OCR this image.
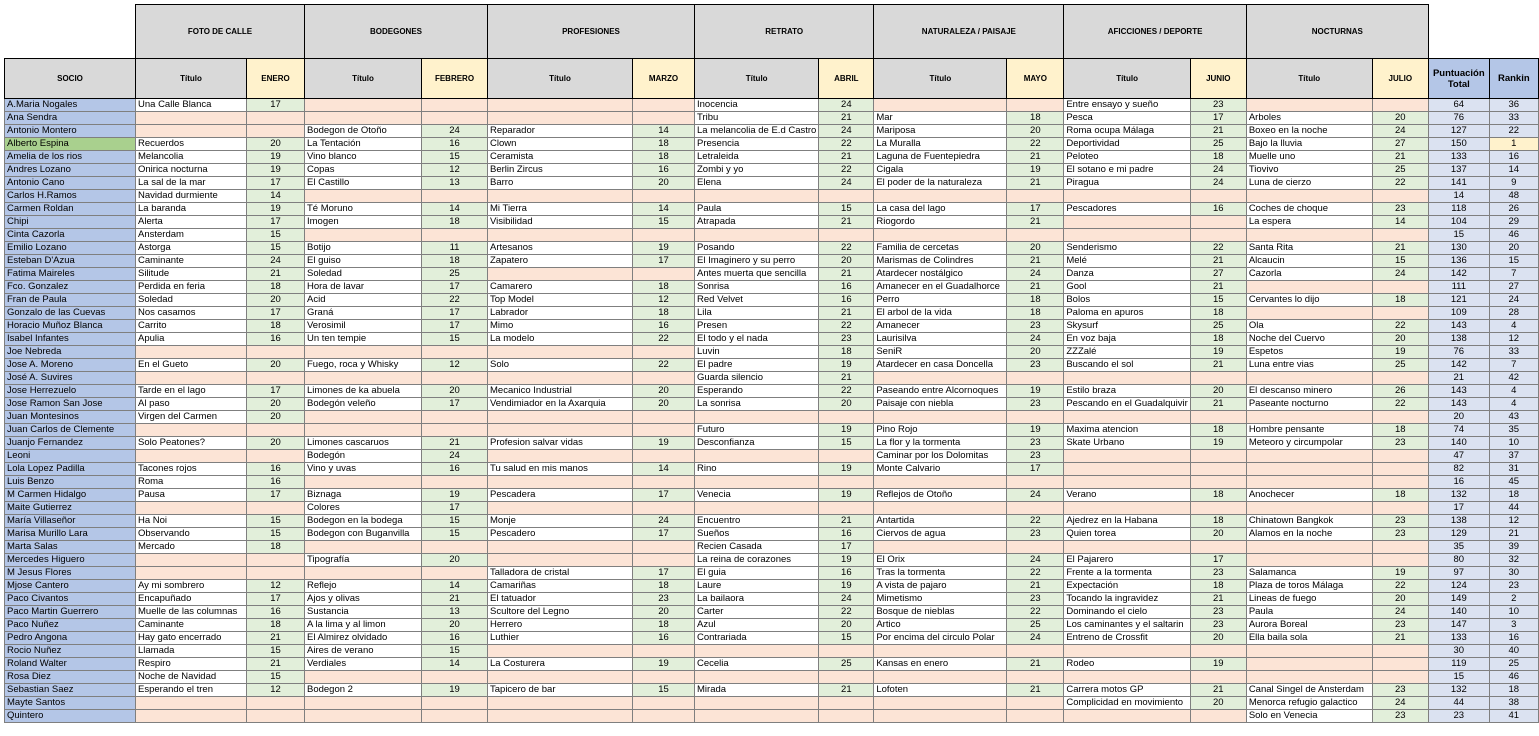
	FOTO DE CALLE		BODEGONES		PROFESIONES		RETRATO		NATURALEZA / PAISAJE		AFICCIONES / DEPORTE		NOCTURNAS			
SOCIO	Título	ENERO	Título	FEBRERO	Título	MARZO	Título	ABRIL	Título	MAYO	Título	JUNIO	Título	JULIO	Puntuación Total	Rankin
A.Maria Nogales	Una Calle Blanca	17					Inocencia	24			Entre ensayo y sueño	23			64	36
Ana Sendra							Tribu	21	Mar	18	Pesca	17	Arboles	20	76	33
Antonio Montero			Bodegon de Otoño	24	Reparador	14	La melancolia de E.d Castro	24	Mariposa	20	Roma ocupa Málaga	21	Boxeo en la noche	24	127	22
Alberto Espina	Recuerdos	20	La Tentación	16	Clown	18	Presencia	22	La Muralla	22	Deportividad	25	Bajo la lluvia	27	150	1
Amelia de los rios	Melancolia	19	Vino blanco	15	Ceramista	18	Letraleida	21	Laguna de Fuentepiedra	21	Peloteo	18	Muelle uno	21	133	16
Andres Lozano	Onirica nocturna	19	Copas	12	Berlin Zircus	16	Zombi y yo	22	Cigala	19	El sotano e mi padre	24	Tiovivo	25	137	14
Antonio Cano	La sal de la mar	17	El Castillo	13	Barro	20	Elena	24	El poder de la naturaleza	21	Piragua	24	Luna de cierzo	22	141	9
Carlos H.Ramos	Navidad durmiente	14													14	48
Carmen Roldan	La baranda	19	Té Moruno	14	Mi Tierra	14	Paula	15	La casa del lago	17	Pescadores	16	Coches de choque	23	118	26
Chipi	Alerta	17	Imogen	18	Visibilidad	15	Atrapada	21	Riogordo	21			La espera	14	104	29
Cinta Cazorla	Ansterdam	15													15	46
Emilio Lozano	Astorga	15	Botijo	11	Artesanos	19	Posando	22	Familia de cercetas	20	Senderismo	22	Santa Rita	21	130	20
Esteban D'Azua	Caminante	24	El guiso	18	Zapatero	17	El Imaginero y su perro	20	Marismas de Colindres	21	Melé	21	Alcaucin	15	136	15
Fatima Maireles	Silitude	21	Soledad	25			Antes muerta que sencilla	21	Atardecer nostálgico	24	Danza	27	Cazorla	24	142	7
Fco. Gonzalez	Perdida en feria	18	Hora de lavar	17	Camarero	18	Sonrisa	16	Amanecer en el Guadalhorce	21	Gool	21			111	27
Fran de Paula	Soledad	20	Acid	22	Top Model	12	Red Velvet	16	Perro	18	Bolos	15	Cervantes lo dijo	18	121	24
Gonzalo de las Cuevas	Nos casamos	17	Graná	17	Labrador	18	Lila	21	El arbol de la vida	18	Paloma en apuros	18			109	28
Horacio Muñoz Blanca	Carrito	18	Verosimil	17	Mimo	16	Presen	22	Amanecer	23	Skysurf	25	Ola	22	143	4
Isabel Infantes	Apulia	16	Un ten tempie	15	La modelo	22	El todo y el nada	23	Laurisilva	24	En voz baja	18	Noche del Cuervo	20	138	12
Joe Nebreda							Luvin	18	SeniR	20	ZZZalé	19	Espetos	19	76	33
Jose A. Moreno	En el Gueto	20	Fuego, roca y Whisky	12	Solo	22	El padre	19	Atardecer en casa Doncella	23	Buscando el sol	21	Luna entre vias	25	142	7
José A. Suvires							Guarda silencio	21							21	42
Jose Herrezuelo	Tarde en el lago	17	Limones de ka abuela	20	Mecanico Industrial	20	Esperando	22	Paseando entre Alcornoques	19	Estilo braza	20	El descanso minero	26	143	4
Jose Ramon San Jose	Al paso	20	Bodegón veleño	17	Vendimiador en la Axarquia	20	La sonrisa	20	Paisaje con niebla	23	Pescando en el Guadalquivir	21	Paseante nocturno	22	143	4
Juan Montesinos	Virgen del Carmen	20													20	43
Juan Carlos de Clemente							Futuro	19	Pino Rojo	19	Maxima atencion	18	Hombre pensante	18	74	35
Juanjo Fernandez	Solo Peatones?	20	Limones cascaruos	21	Profesion salvar vidas	19	Desconfianza	15	La flor y la tormenta	23	Skate Urbano	19	Meteoro y circumpolar	23	140	10
Leoni			Bodegón	24					Caminar por los Dolomitas	23					47	37
Lola Lopez Padilla	Tacones rojos	16	Vino y uvas	16	Tu salud en mis manos	14	Rino	19	Monte Calvario	17					82	31
Luis Benzo	Roma	16													16	45
M Carmen Hidalgo	Pausa	17	Biznaga	19	Pescadera	17	Venecia	19	Reflejos de Otoño	24	Verano	18	Anochecer	18	132	18
Maite Gutierrez			Colores	17											17	44
María Villaseñor	Ha Noi	15	Bodegon en la bodega	15	Monje	24	Encuentro	21	Antartida	22	Ajedrez en la Habana	18	Chinatown Bangkok	23	138	12
Marisa Murillo Lara	Observando	15	Bodegon con Buganvilla	15	Pescadero	17	Sueños	16	Ciervos de agua	23	Quien torea	20	Alamos en la noche	23	129	21
Marta Salas	Mercado	18					Recien Casada	17							35	39
Mercedes Higuero			Tipografía	20			La reina de corazones	19	El Orix	24	El Pajarero	17			80	32
M Jesus Flores					Talladora de cristal	17	El guia	16	Tras la tormenta	22	Frente a la tormenta	23	Salamanca	19	97	30
Mjose Cantero	Ay mi sombrero	12	Reflejo	14	Camariñas	18	Laure	19	A vista de pajaro	21	Expectación	18	Plaza de toros Málaga	22	124	23
Paco Civantos	Encapuñado	17	Ajos y olivas	21	El tatuador	23	La bailaora	24	Mimetismo	23	Tocando la ingravidez	21	Lineas de fuego	20	149	2
Paco Martin Guerrero	Muelle de las columnas	16	Sustancia	13	Scultore del Legno	20	Carter	22	Bosque de nieblas	22	Dominando el cielo	23	Paula	24	140	10
Paco Nuñez	Caminante	18	A la lima y al limon	20	Herrero	18	Azul	20	Artico	25	Los caminantes y el saltarin	23	Aurora Boreal	23	147	3
Pedro Angona	Hay gato encerrado	21	El Almirez olvidado	16	Luthier	16	Contrariada	15	Por encima del circulo Polar	24	Entreno de Crossfit	20	Ella baila sola	21	133	16
Rocio Nuñez	Llamada	15	Aires de verano	15											30	40
Roland Walter	Respiro	21	Verdiales	14	La Costurera	19	Cecelia	25	Kansas en enero	21	Rodeo	19			119	25
Rosa Diez	Noche de Navidad	15													15	46
Sebastian Saez	Esperando el tren	12	Bodegon 2	19	Tapicero de bar	15	Mirada	21	Lofoten	21	Carrera motos GP	21	Canal Singel de Ansterdam	23	132	18
Mayte Santos											Complicidad en movimiento	20	Menorca refugio galactico	24	44	38
Quintero													Solo en Venecia	23	23	41
